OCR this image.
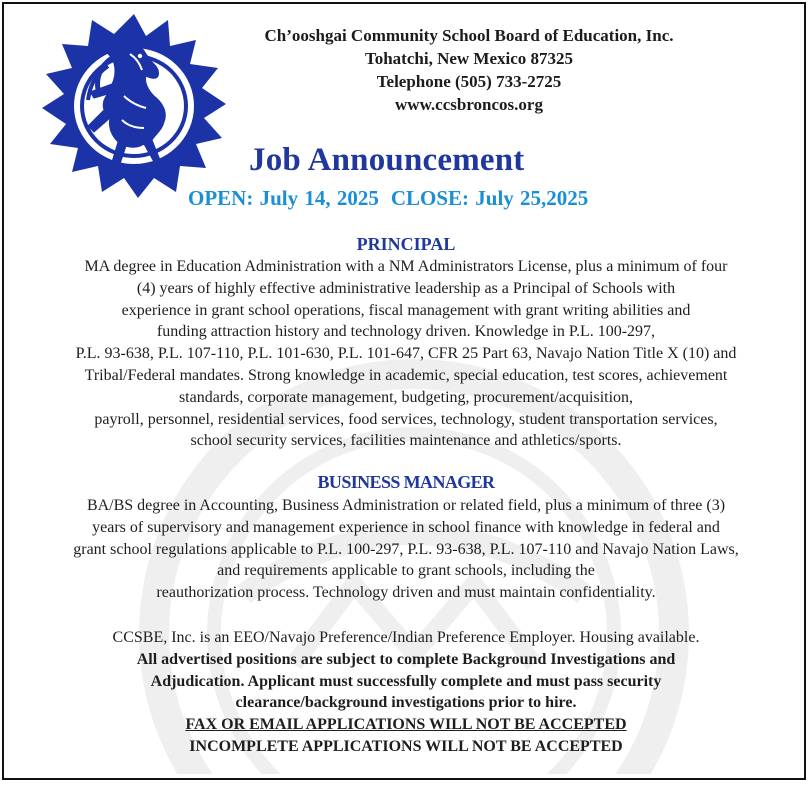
Ch’ooshgai Community School Board of Education, Inc.
Tohatchi, New Mexico 87325
Telephone (505) 733-2725
www.ccsbroncos.org
Job Announcement
OPEN: July 14, 2025 CLOSE: July 25,2025
PRINCIPAL
MA degree in Education Administration with a NM Administrators License, plus a minimum of four
(4) years of highly effective administrative leadership as a Principal of Schools with
experience in grant school operations, fiscal management with grant writing abilities and
funding attraction history and technology driven. Knowledge in P.L. 100-297,
P.L. 93-638, P.L. 107-110, P.L. 101-630, P.L. 101-647, CFR 25 Part 63, Navajo Nation Title X (10) and
Tribal/Federal mandates. Strong knowledge in academic, special education, test scores, achievement
standards, corporate management, budgeting, procurement/acquisition,
payroll, personnel, residential services, food services, technology, student transportation services,
school security services, facilities maintenance and athletics/sports.
BUSINESS MANAGER
BA/BS degree in Accounting, Business Administration or related field, plus a minimum of three (3)
years of supervisory and management experience in school finance with knowledge in federal and
grant school regulations applicable to P.L. 100-297, P.L. 93-638, P.L. 107-110 and Navajo Nation Laws,
and requirements applicable to grant schools, including the
reauthorization process. Technology driven and must maintain confidentiality.
CCSBE, Inc. is an EEO/Navajo Preference/Indian Preference Employer. Housing available.
All advertised positions are subject to complete Background Investigations and
Adjudication. Applicant must successfully complete and must pass security
clearance/background investigations prior to hire.
FAX OR EMAIL APPLICATIONS WILL NOT BE ACCEPTED
INCOMPLETE APPLICATIONS WILL NOT BE ACCEPTED
